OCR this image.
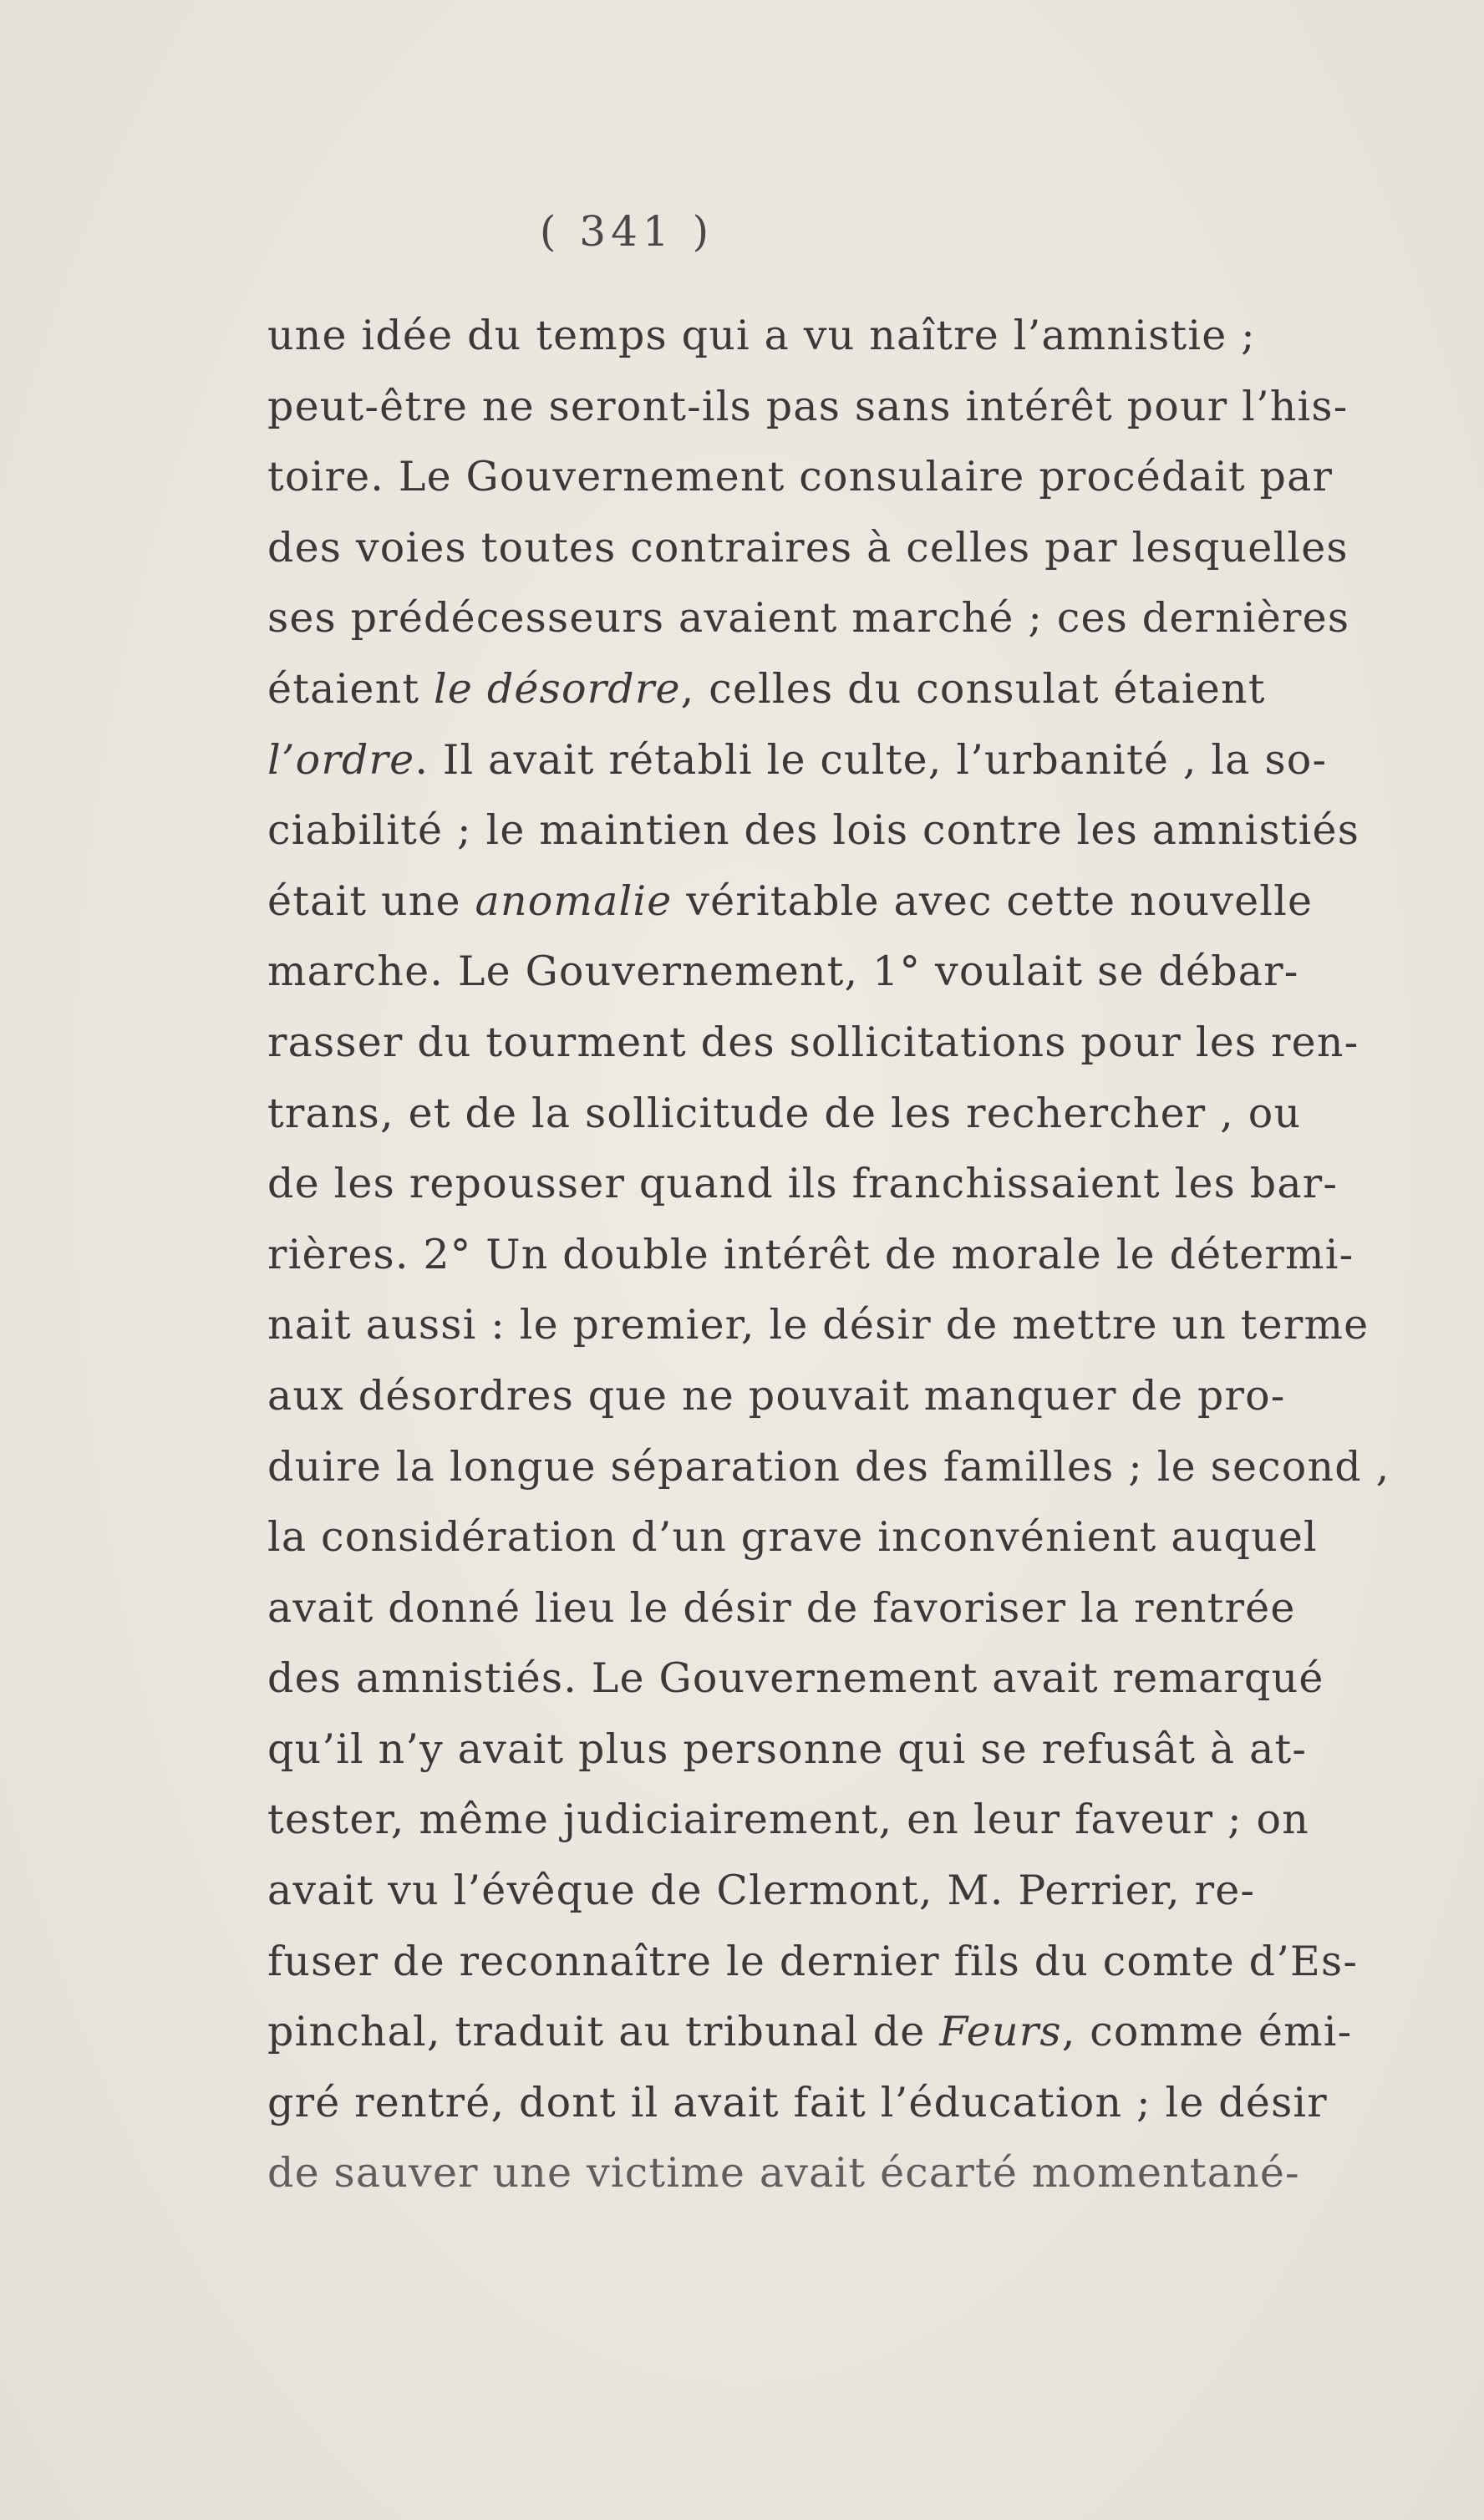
( 341 )
une idée du temps qui a vu naître l’amnistie ;
peut-être ne seront-ils pas sans intérêt pour l’his-
toire. Le Gouvernement consulaire procédait par
des voies toutes contraires à celles par lesquelles
ses prédécesseurs avaient marché ; ces dernières
étaient le désordre, celles du consulat étaient
l’ordre. Il avait rétabli le culte, l’urbanité , la so-
ciabilité ; le maintien des lois contre les amnistiés
était une anomalie véritable avec cette nouvelle
marche. Le Gouvernement, 1° voulait se débar-
rasser du tourment des sollicitations pour les ren-
trans, et de la sollicitude de les rechercher , ou
de les repousser quand ils franchissaient les bar-
rières. 2° Un double intérêt de morale le détermi-
nait aussi : le premier, le désir de mettre un terme
aux désordres que ne pouvait manquer de pro-
duire la longue séparation des familles ; le second ,
la considération d’un grave inconvénient auquel
avait donné lieu le désir de favoriser la rentrée
des amnistiés. Le Gouvernement avait remarqué
qu’il n’y avait plus personne qui se refusât à at-
tester, même judiciairement, en leur faveur ; on
avait vu l’évêque de Clermont, M. Perrier, re-
fuser de reconnaître le dernier fils du comte d’Es-
pinchal, traduit au tribunal de Feurs, comme émi-
gré rentré, dont il avait fait l’éducation ; le désir
de sauver une victime avait écarté momentané-
